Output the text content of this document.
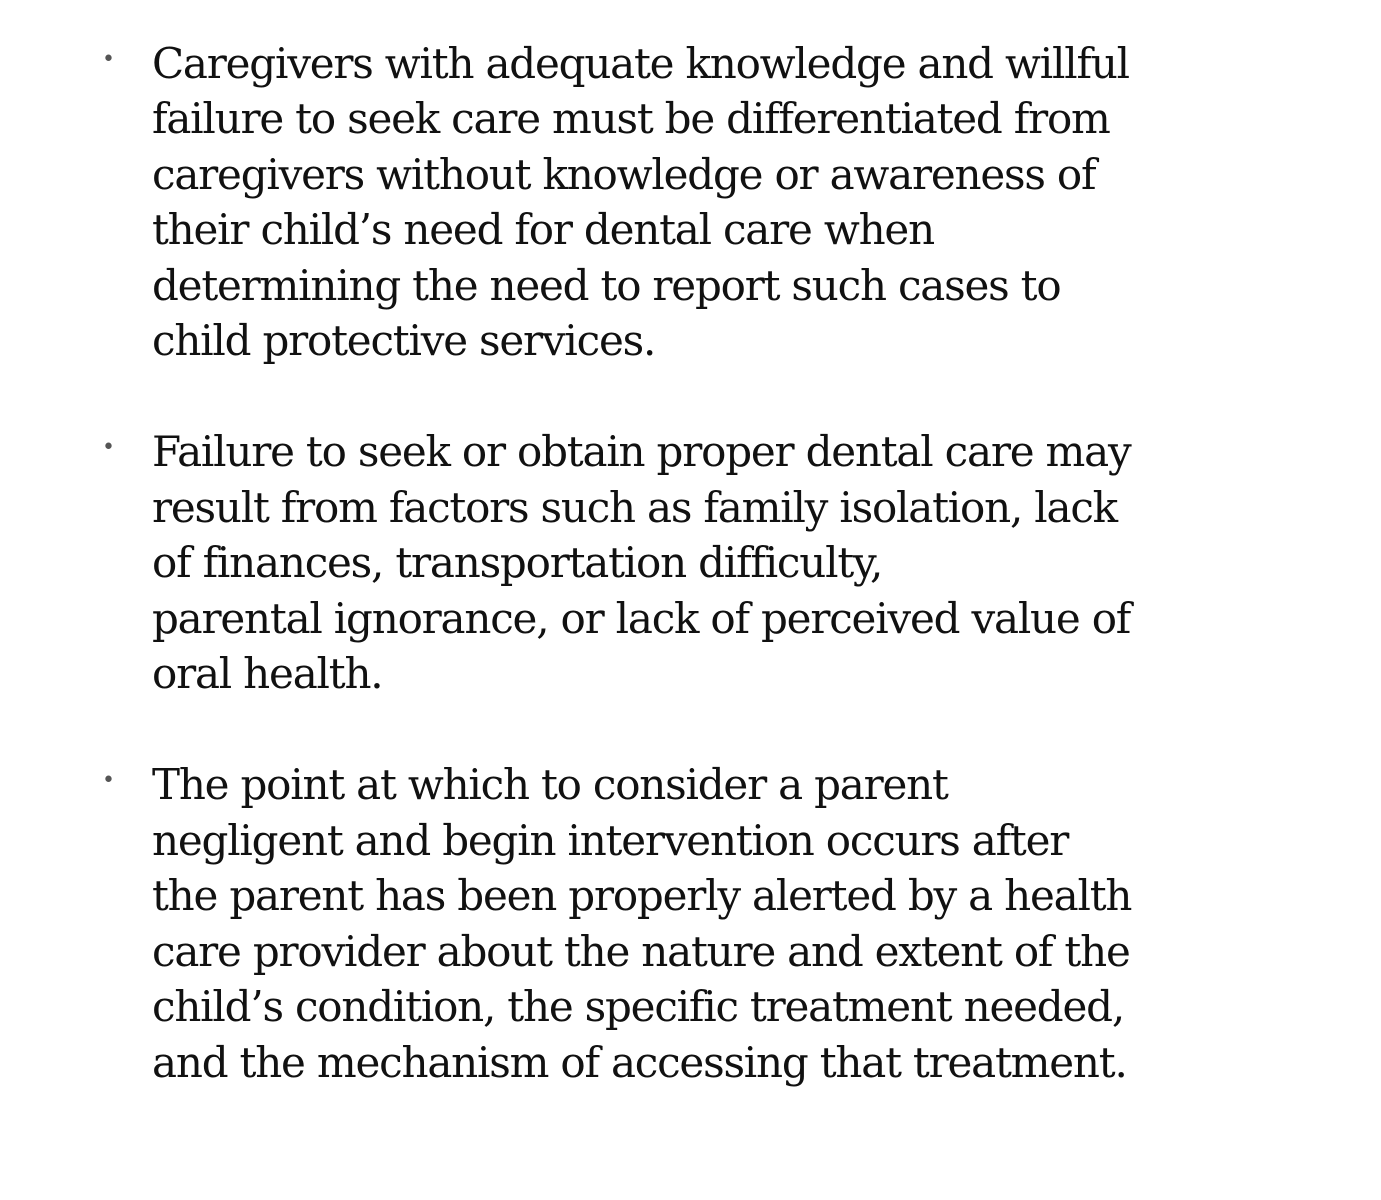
• Caregivers with adequate knowledge and willful
failure to seek care must be differentiated from
caregivers without knowledge or awareness of
their child’s need for dental care when
determining the need to report such cases to
child protective services.
• Failure to seek or obtain proper dental care may
result from factors such as family isolation, lack
of finances, transportation difficulty,
parental ignorance, or lack of perceived value of
oral health.
• The point at which to consider a parent
negligent and begin intervention occurs after
the parent has been properly alerted by a health
care provider about the nature and extent of the
child’s condition, the specific treatment needed,
and the mechanism of accessing that treatment.
